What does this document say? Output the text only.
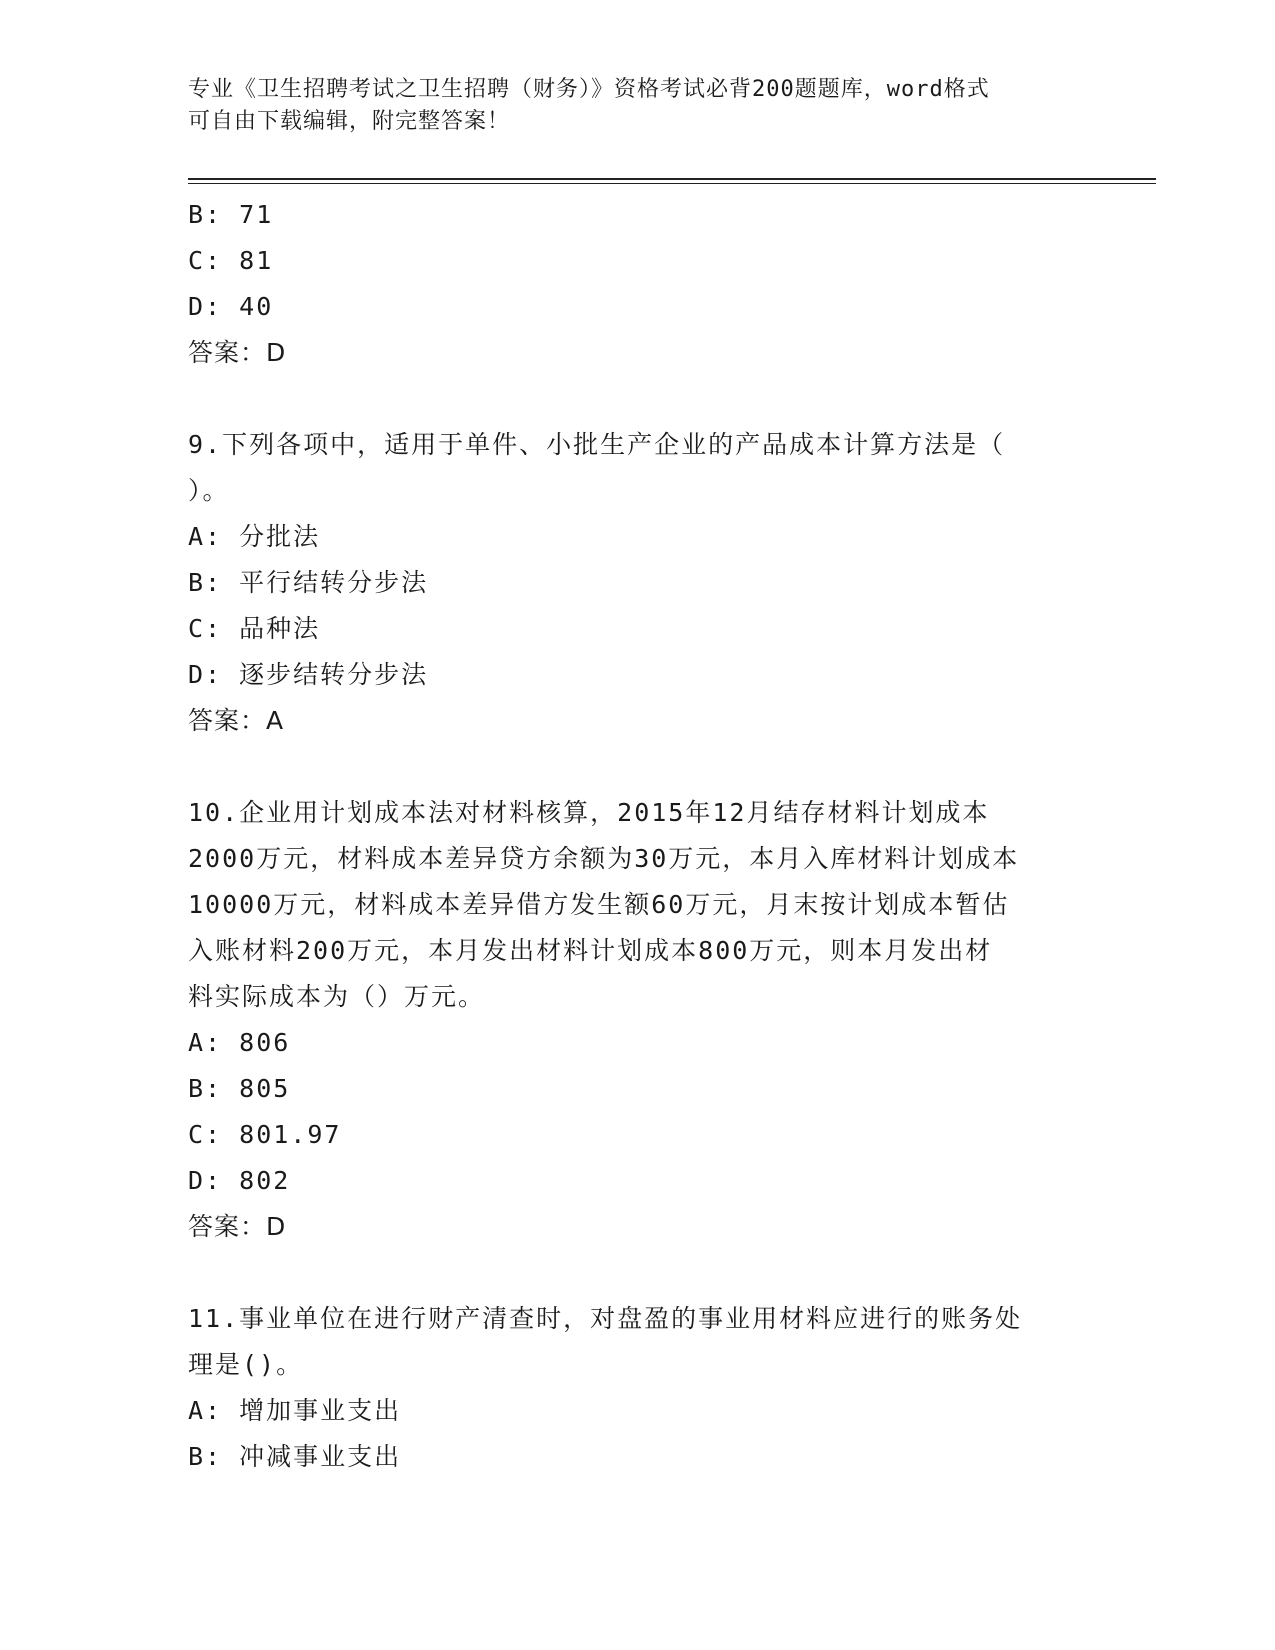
专业《卫生招聘考试之卫生招聘（财务）》资格考试必背200题题库，word格式
可自由下载编辑，附完整答案！
B: 71
C: 81
D: 40
答案：D
9.下列各项中，适用于单件、小批生产企业的产品成本计算方法是（
）。
A: 分批法
B: 平行结转分步法
C: 品种法
D: 逐步结转分步法
答案：A
10.企业用计划成本法对材料核算，2015年12月结存材料计划成本
2000万元，材料成本差异贷方余额为30万元，本月入库材料计划成本
10000万元，材料成本差异借方发生额60万元，月末按计划成本暂估
入账材料200万元，本月发出材料计划成本800万元，则本月发出材
料实际成本为（）万元。
A: 806
B: 805
C: 801.97
D: 802
答案：D
11.事业单位在进行财产清查时，对盘盈的事业用材料应进行的账务处
理是()。
A: 增加事业支出
B: 冲减事业支出
